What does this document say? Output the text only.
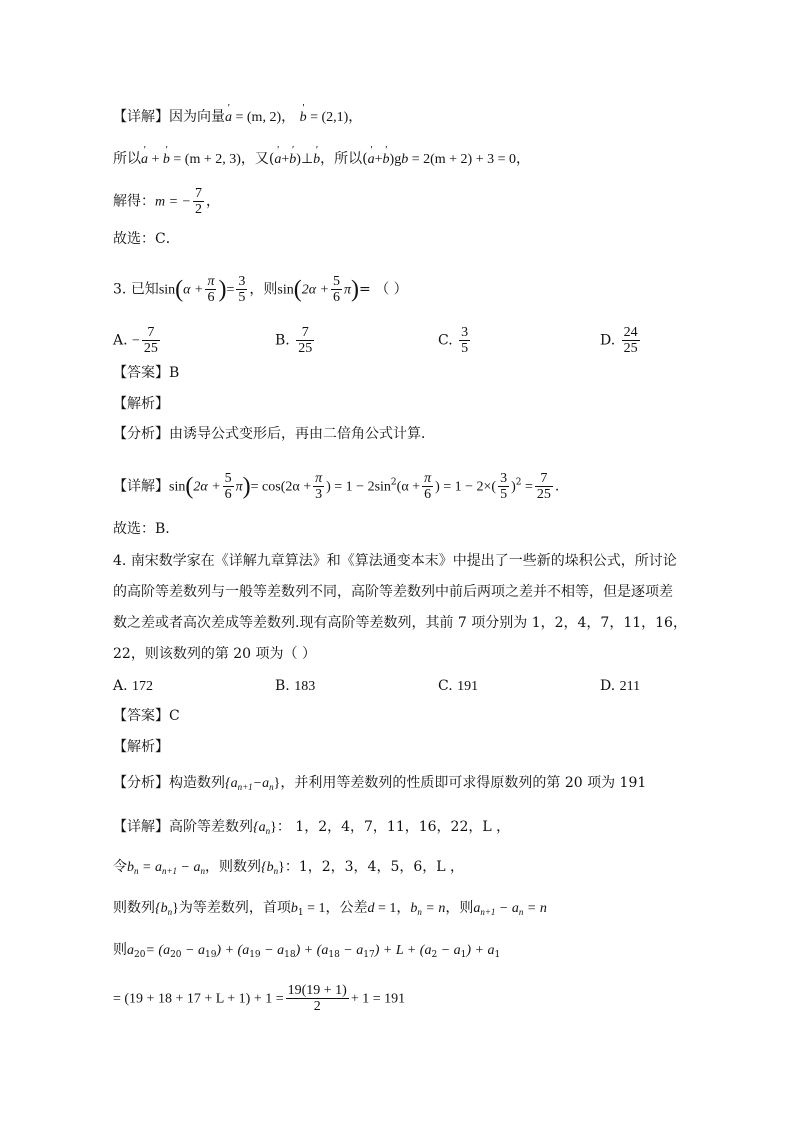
【详解】因为向量' a = (m, 2)， ' b = (2,1)，
所以' a + ' b = (m + 2, 3)，又(' a+' b)⊥' b，所以(' a+' b)gb = 2(m + 2) + 3 = 0，
解得：m = − $\frac{7}{2}$ ，
故选：C．
3. 已知$\sin(\alpha + \frac{\pi}{6}$ )= $\frac{3}{5}$ ，则$\sin(2\alpha + \frac{5}{6} \pi)=$ （ ）
A. − $\frac{7}{25}$	B. $\frac{7}{25}$	C. $\frac{3}{5}$	D. $\frac{24}{25}$
【答案】B
【解析】
【分析】由诱导公式变形后，再由二倍角公式计算．
【详解】$\sin(2\alpha + \frac{5}{6} \pi)= \cos(2\alpha + \frac{\pi}{3}$ ) = $1 - 2\sin^2(\alpha + \frac{\pi}{6}$ ) = $1 - 2\times( \frac{3}{5} )^2 = \frac{7}{25}$ .
故选：B.
4. 南宋数学家在《详解九章算法》和《算法通变本末》中提出了一些新的垛积公式，所讨论
的高阶等差数列与一般等差数列不同，高阶等差数列中前后两项之差并不相等，但是逐项差
数之差或者高次差成等差数列.现有高阶等差数列，其前 7 项分别为 1，2，4，7，11，16，
22，则该数列的第 20 项为（ ）
A. 172	B. 183	C. 191	D. 211
【答案】C
【解析】
【分析】构造数列$\{a_{n+1}-a_n\}$，并利用等差数列的性质即可求得原数列的第 20 项为 191
【详解】高阶等差数列$\{a_n\}$： 1，2，4，7，11，16，22，L ，
令$b_n = a_{n+1} - a_n$，则数列$\{b_n\}$：1，2，3，4，5，6，L ，
则数列$\{b_n\}$为等差数列，首项$b_1 = 1$，公差d = 1，$b_n = n$，则$a_{n+1} - a_n = n$
则$a_{20}= (a_{20} - a_{19}) + (a_{19} - a_{18}) + (a_{18} - a_{17}) + L + (a_2 - a_1) + a_1$
= $(19 + 18 + 17 + L + 1) + 1 = \frac{19(19 + 1)}{2} + 1 = 191$
